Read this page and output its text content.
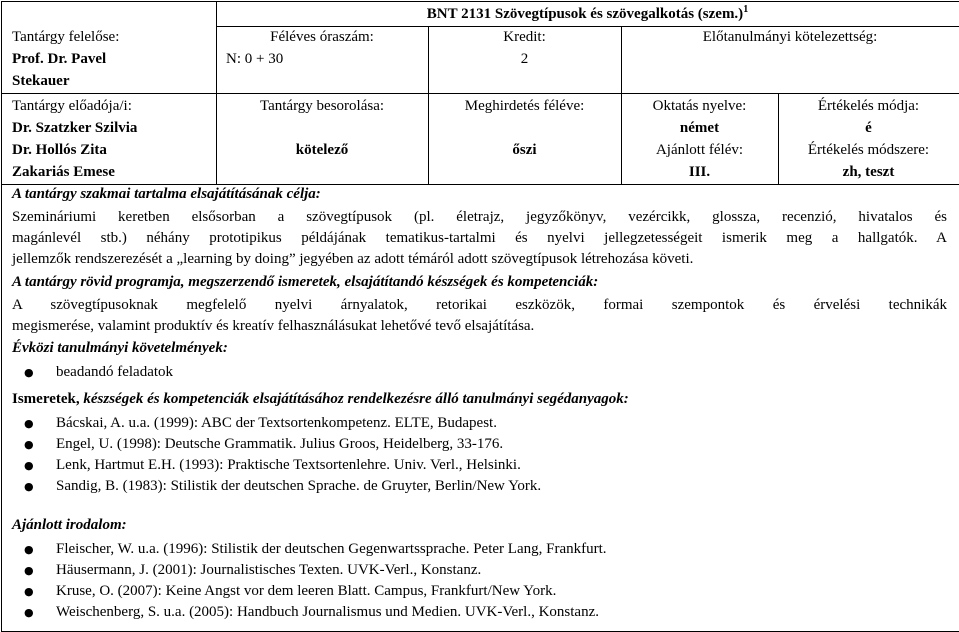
BNT 2131 Szövegtípusok és szövegalkotás (szem.)$^1$
Tantárgy felelőse:
Prof. Dr. Pavel
Stekauer
Féléves óraszám:
N: 0 + 30
Kredit:
2
Előtanulmányi kötelezettség:
Tantárgy előadója/i:
Dr. Szatzker Szilvia
Dr. Hollós Zita
Zakariás Emese
Tantárgy besorolása:
kötelező
Meghirdetés féléve:
őszi
Oktatás nyelve:
német
Ajánlott félév:
III.
Értékelés módja:
é
Értékelés módszere:
zh, teszt
A tantárgy szakmai tartalma elsajátításának célja:
Szemináriumi keretben elsősorban a szövegtípusok (pl. életrajz, jegyzőkönyv, vezércikk, glossza, recenzió, hivatalos és
magánlevél stb.) néhány prototipikus példájának tematikus-tartalmi és nyelvi jellegzetességeit ismerik meg a hallgatók. A
jellemzők rendszerezését a „learning by doing” jegyében az adott témáról adott szövegtípusok létrehozása követi.
A tantárgy rövid programja, megszerzendő ismeretek, elsajátítandó készségek és kompetenciák:
A szövegtípusoknak megfelelő nyelvi árnyalatok, retorikai eszközök, formai szempontok és érvelési technikák
megismerése, valamint produktív és kreatív felhasználásukat lehetővé tevő elsajátítása.
Évközi tanulmányi követelmények:
● beadandó feladatok
Ismeretek, készségek és kompetenciák elsajátításához rendelkezésre álló tanulmányi segédanyagok:
● Bácskai, A. u.a. (1999): ABC der Textsortenkompetenz. ELTE, Budapest.
● Engel, U. (1998): Deutsche Grammatik. Julius Groos, Heidelberg, 33-176.
● Lenk, Hartmut E.H. (1993): Praktische Textsortenlehre. Univ. Verl., Helsinki.
● Sandig, B. (1983): Stilistik der deutschen Sprache. de Gruyter, Berlin/New York.
Ajánlott irodalom:
● Fleischer, W. u.a. (1996): Stilistik der deutschen Gegenwartssprache. Peter Lang, Frankfurt.
● Häusermann, J. (2001): Journalistisches Texten. UVK-Verl., Konstanz.
● Kruse, O. (2007): Keine Angst vor dem leeren Blatt. Campus, Frankfurt/New York.
● Weischenberg, S. u.a. (2005): Handbuch Journalismus und Medien. UVK-Verl., Konstanz.
